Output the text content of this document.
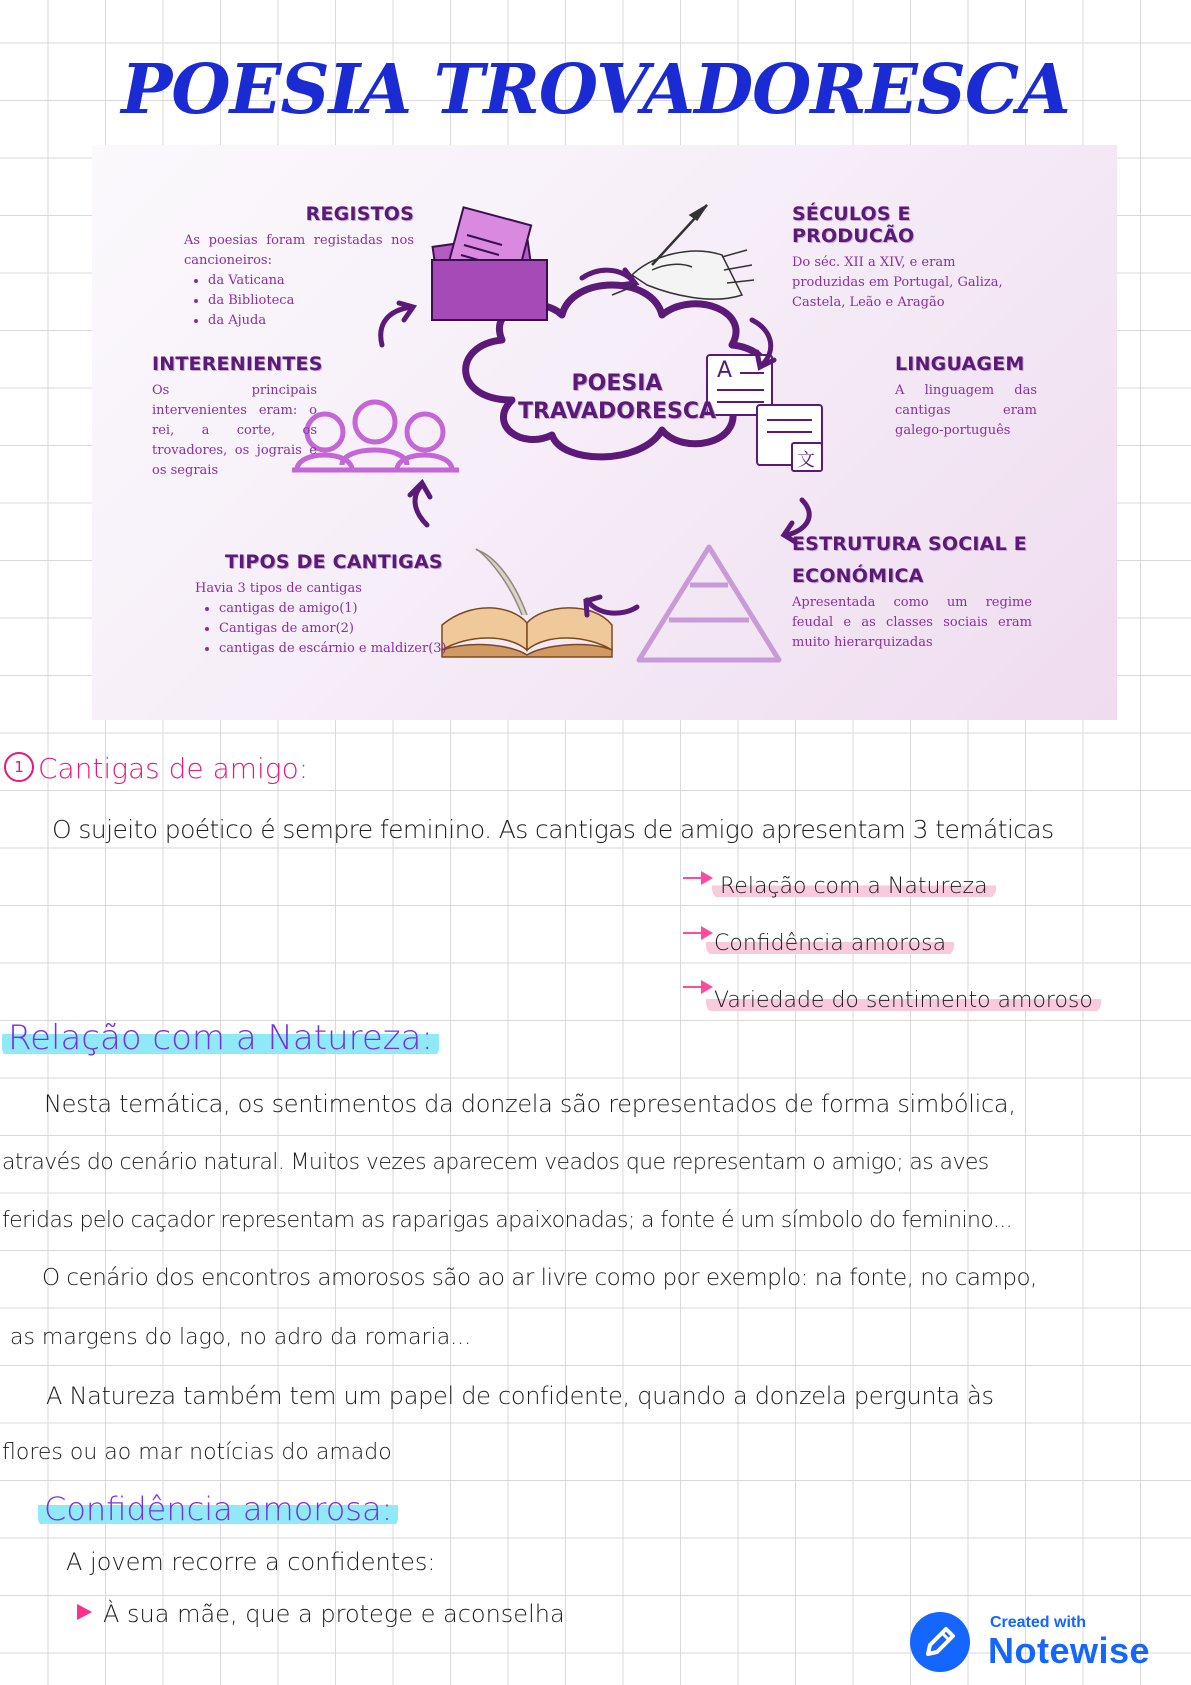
POESIA TROVADORESCA
A
文
POESIA
TRAVADORESCA
REGISTOS

As poesias foram registadas nos cancioneiros:

• da Vaticana
• da Biblioteca
• da Ajuda
SÉCULOS E PRODUCÃO

Do séc. XII a XIV, e eram produzidas em Portugal, Galiza, Castela, Leão e Aragão

INTERENIENTES

Os principais intervenientes eram: o rei, a corte, os trovadores, os jograis e os segrais

LINGUAGEM

A linguagem das cantigas eram galego-português

TIPOS DE CANTIGAS

Havia 3 tipos de cantigas

• cantigas de amigo(1)
• Cantigas de amor(2)
• cantigas de escárnio e maldizer(3)
ESTRUTURA SOCIAL E
ECONÓMICA

Apresentada como um regime feudal e as classes sociais eram muito hierarquizadas

1 Cantigas de amigo:

O sujeito poético é sempre feminino. As cantigas de amigo apresentam 3 temáticas

Relação com a Natureza

Confidência amorosa

Variedade do sentimento amoroso

Relação com a Natureza:

Nesta temática, os sentimentos da donzela são representados de forma simbólica,

através do cenário natural. Muitos vezes aparecem veados que representam o amigo; as aves

feridas pelo caçador representam as raparigas apaixonadas; a fonte é um símbolo do feminino...

O cenário dos encontros amorosos são ao ar livre como por exemplo: na fonte, no campo,

as margens do lago, no adro da romaria...

A Natureza também tem um papel de confidente, quando a donzela pergunta às

flores ou ao mar notícias do amado

Confidência amorosa:

A jovem recorre a confidentes:

À sua mãe, que a protege e aconselha	Created with
Notewise
